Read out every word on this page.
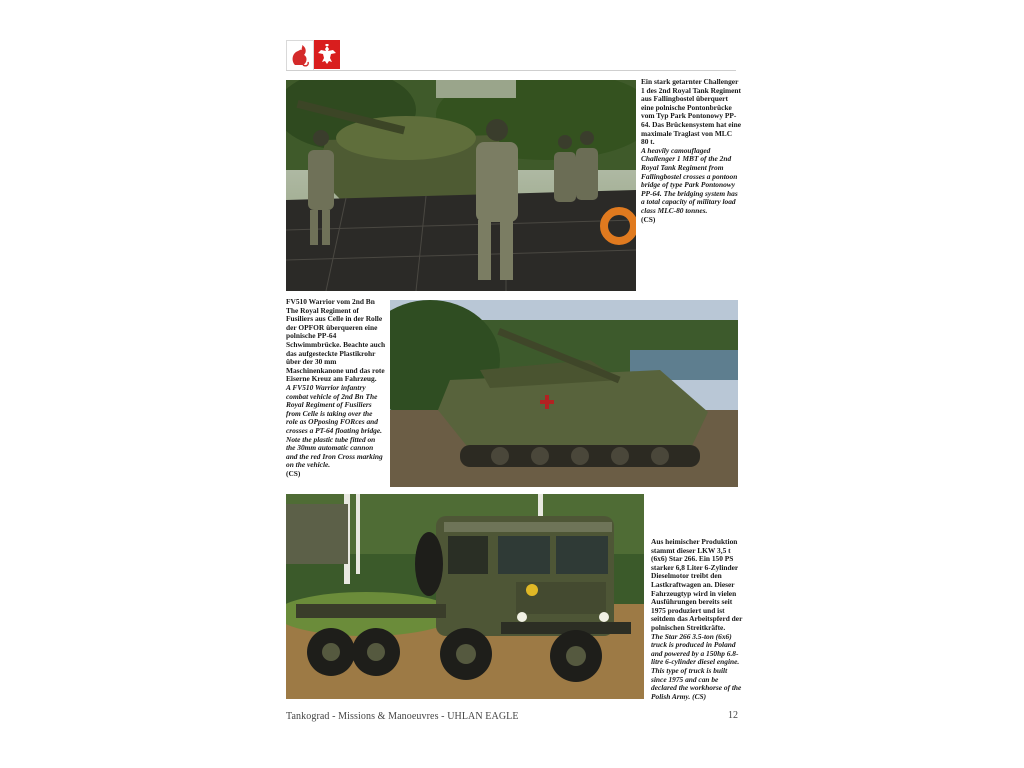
Ein stark getarnter Challenger 1 des 2nd Royal Tank Regiment aus Fallingbostel überquert eine polnische Pontonbrücke vom Typ Park Pontonowy PP-64. Das Brückensystem hat eine maximale Traglast von MLC 80 t.

A heavily camouflaged Challenger 1 MBT of the 2nd Royal Tank Regiment from Fallingbostel crosses a pontoon bridge of type Park Pontonowy PP-64. The bridging system has a total capacity of military load class MLC-80 tonnes.

(CS)

FV510 Warrior vom 2nd Bn The Royal Regiment of Fusiliers aus Celle in der Rolle der OPFOR überqueren eine polnische PP-64 Schwimmbrücke. Beachte auch das aufgesteckte Plastikrohr über der 30 mm Maschinenkanone und das rote Eiserne Kreuz am Fahrzeug.

A FV510 Warrior infantry combat vehicle of 2nd Bn The Royal Regiment of Fusiliers from Celle is taking over the role as OPposing FORces and crosses a PT-64 floating bridge. Note the plastic tube fitted on the 30mm automatic cannon and the red Iron Cross marking on the vehicle.

(CS)

Aus heimischer Produktion stammt dieser LKW 3,5 t (6x6) Star 266. Ein 150 PS starker 6,8 Liter 6-Zylinder Dieselmotor treibt den Lastkraftwagen an. Dieser Fahrzeugtyp wird in vielen Ausführungen bereits seit 1975 produziert und ist seitdem das Arbeitspferd der polnischen Streitkräfte.

The Star 266 3.5-ton (6x6) truck is produced in Poland and powered by a 150hp 6.8-litre 6-cylinder diesel engine. This type of truck is built since 1975 and can be declared the workhorse of the Polish Army. (CS)

Tankograd - Missions & Manoeuvres - UHLAN EAGLE	12
